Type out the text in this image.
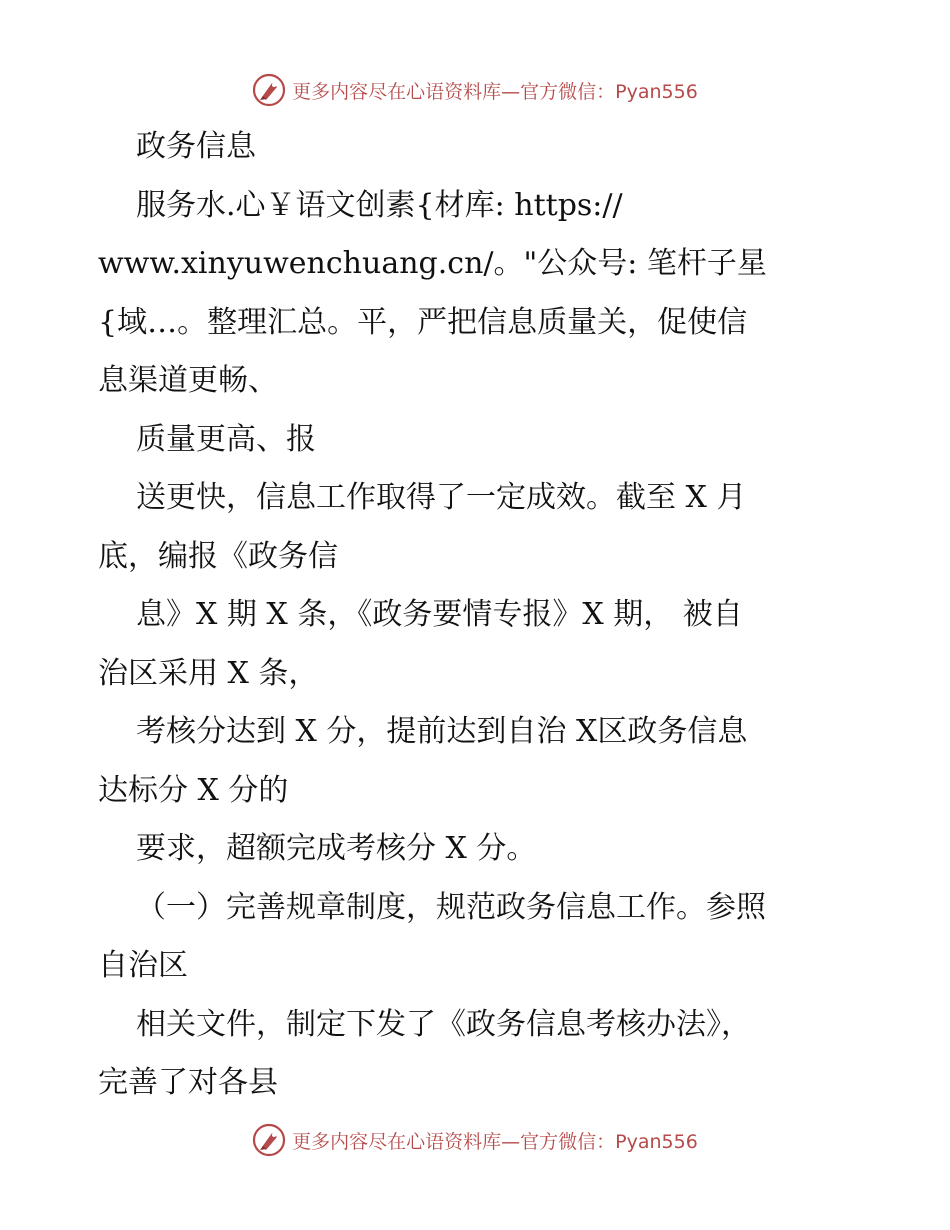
更多内容尽在心语资料库—官方微信：Pyan556
政务信息
服务水.心￥语文创素{材库: https://
www.xinyuwenchuang.cn/。"公众号: 笔杆子星
{域…。整理汇总。平，严把信息质量关，促使信
息渠道更畅、
质量更高、报
送更快，信息工作取得了一定成效。截至 X 月
底，编报《政务信
息》X 期 X 条，《政务要情专报》X 期， 被自
治区采用 X 条，
考核分达到 X 分，提前达到自治 X区政务信息
达标分 X 分的
要求，超额完成考核分 X 分。
（一）完善规章制度，规范政务信息工作。参照
自治区
相关文件，制定下发了《政务信息考核办法》，
完善了对各县
更多内容尽在心语资料库—官方微信：Pyan556
